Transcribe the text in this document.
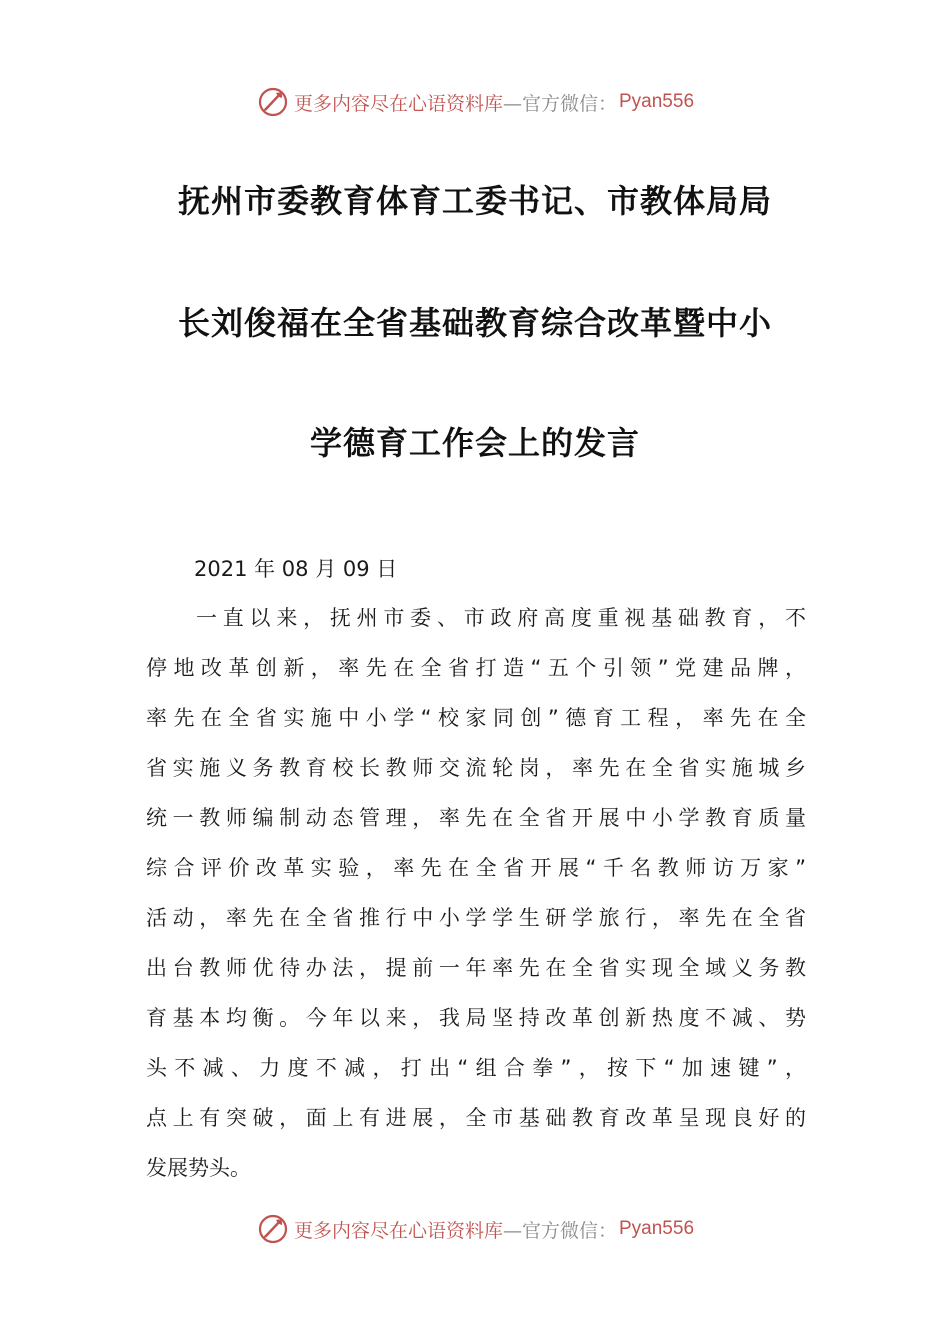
更多内容尽在心语资料库 —官方微信： Pyan556
抚州市委教育体育工委书记、市教体局局
长刘俊福在全省基础教育综合改革暨中小
学德育工作会上的发言
2021 年 08 月 09 日
一直以来，抚州市委、市政府高度重视基础教育，不
停地改革创新，率先在全省打造“五个引领”党建品牌，
率先在全省实施中小学“校家同创”德育工程，率先在全
省实施义务教育校长教师交流轮岗，率先在全省实施城乡
统一教师编制动态管理，率先在全省开展中小学教育质量
综合评价改革实验，率先在全省开展“千名教师访万家”
活动，率先在全省推行中小学学生研学旅行，率先在全省
出台教师优待办法，提前一年率先在全省实现全域义务教
育基本均衡。今年以来，我局坚持改革创新热度不减、势
头不减、力度不减，打出“组合拳”，按下“加速键”，
点上有突破，面上有进展，全市基础教育改革呈现良好的
发展势头。
更多内容尽在心语资料库 —官方微信： Pyan556
